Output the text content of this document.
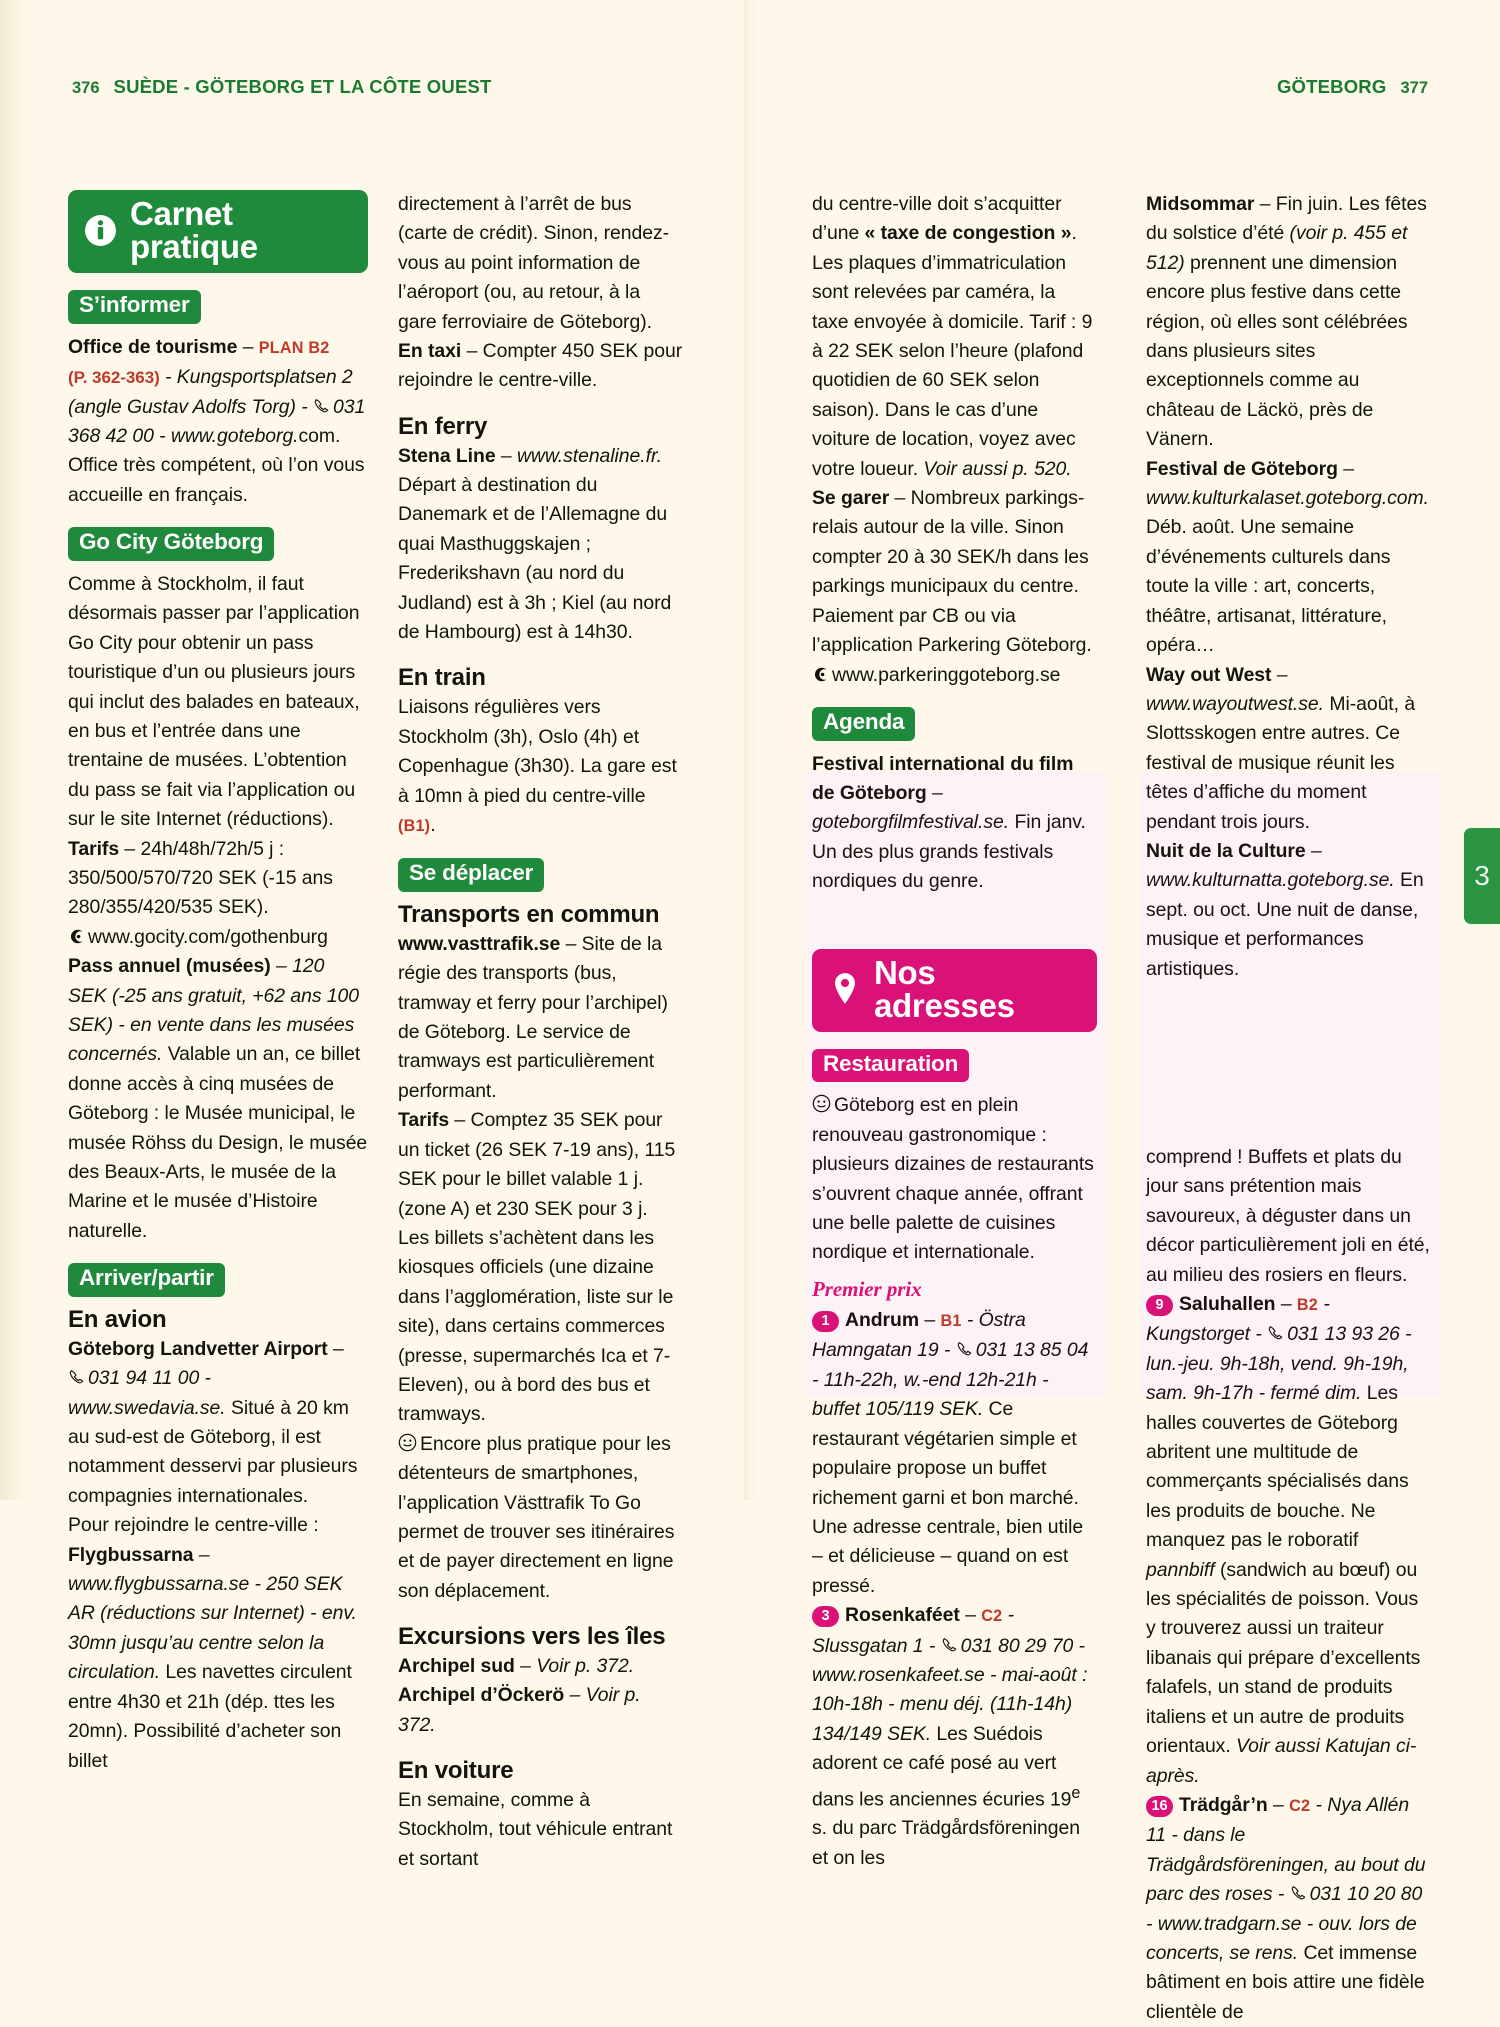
376 SUÈDE - GÖTEBORG ET LA CÔTE OUEST	GÖTEBORG 377
3
Carnet pratique
S’informer

Office de tourisme – PLAN B2
(P. 362-363) - Kungsportsplatsen 2 (angle Gustav Adolfs Torg) -
031 368 42 00 - www.goteborg.com. Office très compétent, où l’on vous accueille en français.

Go City Göteborg

Comme à Stockholm, il faut désormais passer par l’application Go City pour obtenir un pass touristique d’un ou plusieurs jours qui inclut des balades en bateaux, en bus et l’entrée dans une trentaine de musées. L’obtention du pass se fait via l’application ou sur le site Internet (réductions).

Tarifs – 24h/48h/72h/5 j : 350/500/570/720 SEK (-15 ans 280/355/420/535 SEK).

www.gocity.com/gothenburg

Pass annuel (musées) – 120 SEK (-25 ans gratuit, +62 ans 100 SEK) - en vente dans les musées concernés. Valable un an, ce billet donne accès à cinq musées de Göteborg : le Musée municipal, le musée Röhss du Design, le musée des Beaux-Arts, le musée de la Marine et le musée d’Histoire naturelle.

Arriver/partir

En avion

Göteborg Landvetter Airport –

031 94 11 00 - www.swedavia.se. Situé à 20 km au sud-est de Göteborg, il est notamment desservi par plusieurs compagnies internationales.

Pour rejoindre le centre-ville :

Flygbussarna – www.flygbussarna.se - 250 SEK AR (réductions sur Internet) - env. 30mn jusqu’au centre selon la circulation. Les navettes circulent entre 4h30 et 21h (dép. ttes les 20mn). Possibilité d’acheter son billet

directement à l’arrêt de bus (carte de crédit). Sinon, rendez-vous au point information de l’aéroport (ou, au retour, à la gare ferroviaire de Göteborg).

En taxi – Compter 450 SEK pour rejoindre le centre-ville.

En ferry

Stena Line – www.stenaline.fr. Départ à destination du Danemark et de l’Allemagne du quai Masthuggskajen ; Frederikshavn (au nord du Judland) est à 3h ; Kiel (au nord de Hambourg) est à 14h30.

En train

Liaisons régulières vers Stockholm (3h), Oslo (4h) et Copenhague (3h30). La gare est à 10mn à pied du centre-ville (B1).

Se déplacer

Transports en commun

www.vasttrafik.se – Site de la régie des transports (bus, tramway et ferry pour l’archipel) de Göteborg. Le service de tramways est particulièrement performant.

Tarifs – Comptez 35 SEK pour un ticket (26 SEK 7-19 ans), 115 SEK pour le billet valable 1 j. (zone A) et 230 SEK pour 3 j. Les billets s’achètent dans les kiosques officiels (une dizaine dans l’agglomération, liste sur le site), dans certains commerces (presse, supermarchés Ica et 7-Eleven), ou à bord des bus et tramways.

Encore plus pratique pour les détenteurs de smartphones, l’application Västtrafik To Go permet de trouver ses itinéraires et de payer directement en ligne son déplacement.

Excursions vers les îles

Archipel sud – Voir p. 372.

Archipel d’Öckerö – Voir p. 372.

En voiture

En semaine, comme à Stockholm, tout véhicule entrant et sortant

du centre-ville doit s’acquitter d’une « taxe de congestion ». Les plaques d’immatriculation sont relevées par caméra, la taxe envoyée à domicile. Tarif : 9 à 22 SEK selon l’heure (plafond quotidien de 60 SEK selon saison). Dans le cas d’une voiture de location, voyez avec votre loueur. Voir aussi p. 520.

Se garer – Nombreux parkings-relais autour de la ville. Sinon compter 20 à 30 SEK/h dans les parkings municipaux du centre. Paiement par CB ou via l’application Parkering Göteborg.

www.parkeringgoteborg.se

Agenda

Festival international du film de Göteborg – goteborgfilmfestival.se. Fin janv. Un des plus grands festivals nordiques du genre.

Nos adresses
Restauration

Göteborg est en plein renouveau gastronomique : plusieurs dizaines de restaurants s’ouvrent chaque année, offrant une belle palette de cuisines nordique et internationale.

Premier prix

1 Andrum – B1 - Östra Hamngatan 19 -
031 13 85 04 - 11h-22h, w.-end 12h-21h - buffet 105/119 SEK. Ce restaurant végétarien simple et populaire propose un buffet richement garni et bon marché. Une adresse centrale, bien utile – et délicieuse – quand on est pressé.

3 Rosenkaféet – C2 - Slussgatan 1 -
031 80 29 70 - www.rosenkafeet.se - mai-août : 10h-18h - menu déj. (11h-14h) 134/149 SEK. Les Suédois adorent ce café posé au vert dans les anciennes écuries 19e s. du parc Trädgårdsföreningen et on les

Midsommar – Fin juin. Les fêtes du solstice d’été (voir p. 455 et 512) prennent une dimension encore plus festive dans cette région, où elles sont célébrées dans plusieurs sites exceptionnels comme au château de Läckö, près de Vänern.

Festival de Göteborg – www.kulturkalaset.goteborg.com. Déb. août. Une semaine d’événements culturels dans toute la ville : art, concerts, théâtre, artisanat, littérature, opéra…

Way out West – www.wayoutwest.se. Mi-août, à Slottsskogen entre autres. Ce festival de musique réunit les têtes d’affiche du moment pendant trois jours.

Nuit de la Culture – www.kulturnatta.goteborg.se. En sept. ou oct. Une nuit de danse, musique et performances artistiques.

comprend ! Buffets et plats du jour sans prétention mais savoureux, à déguster dans un décor particulièrement joli en été, au milieu des rosiers en fleurs.

9 Saluhallen – B2 - Kungstorget -
031 13 93 26 - lun.-jeu. 9h-18h, vend. 9h-19h, sam. 9h-17h - fermé dim. Les halles couvertes de Göteborg abritent une multitude de commerçants spécialisés dans les produits de bouche. Ne manquez pas le roboratif pannbiff (sandwich au bœuf) ou les spécialités de poisson. Vous y trouverez aussi un traiteur libanais qui prépare d’excellents falafels, un stand de produits italiens et un autre de produits orientaux. Voir aussi Katujan ci-après.

16 Trädgår’n – C2 - Nya Allén 11 - dans le Trädgårdsföreningen, au bout du parc des roses -
031 10 20 80 - www.tradgarn.se - ouv. lors de concerts, se rens. Cet immense bâtiment en bois attire une fidèle clientèle de
